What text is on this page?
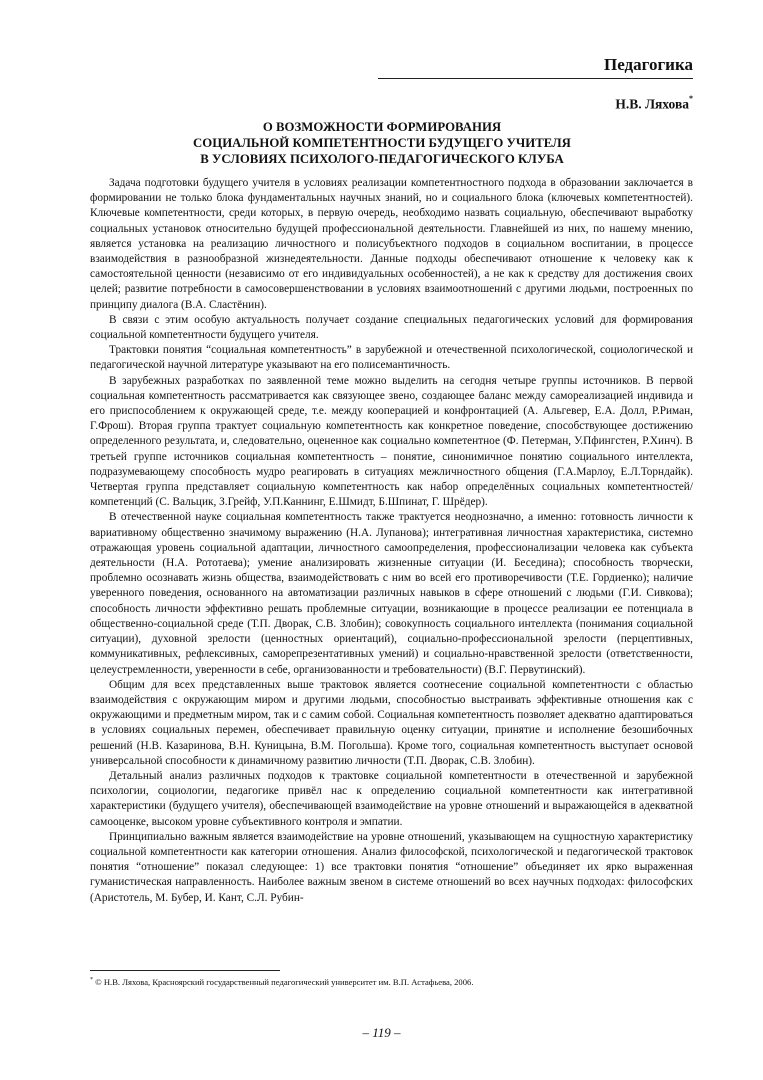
Педагогика
Н.В. Ляхова*
О ВОЗМОЖНОСТИ ФОРМИРОВАНИЯ
СОЦИАЛЬНОЙ КОМПЕТЕНТНОСТИ БУДУЩЕГО УЧИТЕЛЯ
В УСЛОВИЯХ ПСИХОЛОГО-ПЕДАГОГИЧЕСКОГО КЛУБА

Задача подготовки будущего учителя в условиях реализации компетентностного подхода в образовании заключается в формировании не только блока фундаментальных научных знаний, но и социального блока (ключевых компетентностей). Ключевые компетентности, среди которых, в первую очередь, необходимо назвать социальную, обеспечивают выработку социальных установок относительно будущей профессиональной деятельности. Главнейшей из них, по нашему мнению, является установка на реализацию личностного и полисубъектного подходов в социальном воспитании, в процессе взаимодействия в разнообразной жизнедеятельности. Данные подходы обеспечивают отношение к человеку как к самостоятельной ценности (независимо от его индивидуальных особенностей), а не как к средству для достижения своих целей; развитие потребности в самосовершенствовании в условиях взаимоотношений с другими людьми, построенных по принципу диалога (В.А. Сластёнин).

В связи с этим особую актуальность получает создание специальных педагогических условий для формирования социальной компетентности будущего учителя.

Трактовки понятия “социальная компетентность” в зарубежной и отечественной психологической, социологической и педагогической научной литературе указывают на его полисемантичность.

В зарубежных разработках по заявленной теме можно выделить на сегодня четыре группы источников. В первой социальная компетентность рассматривается как связующее звено, создающее баланс между самореализацией индивида и его приспособлением к окружающей среде, т.е. между кооперацией и конфронтацией (А. Альгевер, Е.А. Долл, Р.Риман, Г.Фрош). Вторая группа трактует социальную компетентность как конкретное поведение, способствующее достижению определенного результата, и, следовательно, оцененное как социально компетентное (Ф. Петерман, У.Пфингстен, Р.Хинч). В третьей группе источников социальная компетентность – понятие, синонимичное понятию социального интеллекта, подразумевающему способность мудро реагировать в ситуациях межличностного общения (Г.А.Марлоу, Е.Л.Торндайк). Четвертая группа представляет социальную компетентность как набор определённых социальных компетентностей/компетенций (С. Вальцик, З.Грейф, У.П.Каннинг, Е.Шмидт, Б.Шпинат, Г. Шрёдер).

В отечественной науке социальная компетентность также трактуется неоднозначно, а именно: готовность личности к вариативному общественно значимому выражению (Н.А. Лупанова); интегративная личностная характеристика, системно отражающая уровень социальной адаптации, личностного самоопределения, профессионализации человека как субъекта деятельности (Н.А. Рототаева); умение анализировать жизненные ситуации (И. Беседина); способность творчески, проблемно осознавать жизнь общества, взаимодействовать с ним во всей его противоречивости (Т.Е. Гордиенко); наличие уверенного поведения, основанного на автоматизации различных навыков в сфере отношений с людьми (Г.И. Сивкова); способность личности эффективно решать проблемные ситуации, возникающие в процессе реализации ее потенциала в общественно-социальной среде (Т.П. Дворак, С.В. Злобин); совокупность социального интеллекта (понимания социальной ситуации), духовной зрелости (ценностных ориентаций), социально-профессиональной зрелости (перцептивных, коммуникативных, рефлексивных, саморепрезентативных умений) и социально-нравственной зрелости (ответственности, целеустремленности, уверенности в себе, организованности и требовательности) (В.Г. Первутинский).

Общим для всех представленных выше трактовок является соотнесение социальной компетентности с областью взаимодействия с окружающим миром и другими людьми, способностью выстраивать эффективные отношения как с окружающими и предметным миром, так и с самим собой. Социальная компетентность позволяет адекватно адаптироваться в условиях социальных перемен, обеспечивает правильную оценку ситуации, принятие и исполнение безошибочных решений (Н.В. Казаринова, В.Н. Куницына, В.М. Погольша). Кроме того, социальная компетентность выступает основой универсальной способности к динамичному развитию личности (Т.П. Дворак, С.В. Злобин).

Детальный анализ различных подходов к трактовке социальной компетентности в отечественной и зарубежной психологии, социологии, педагогике привёл нас к определению социальной компетентности как интегративной характеристики (будущего учителя), обеспечивающей взаимодействие на уровне отношений и выражающейся в адекватной самооценке, высоком уровне субъективного контроля и эмпатии.

Принципиально важным является взаимодействие на уровне отношений, указывающем на сущностную характеристику социальной компетентности как категории отношения. Анализ философской, психологической и педагогической трактовок понятия “отношение” показал следующее: 1) все трактовки понятия “отношение” объединяет их ярко выраженная гуманистическая направленность. Наиболее важным звеном в системе отношений во всех научных подходах: философских (Аристотель, М. Бубер, И. Кант, С.Л. Рубин-

* © Н.В. Ляхова, Красноярский государственный педагогический университет им. В.П. Астафьева, 2006.
– 119 –
